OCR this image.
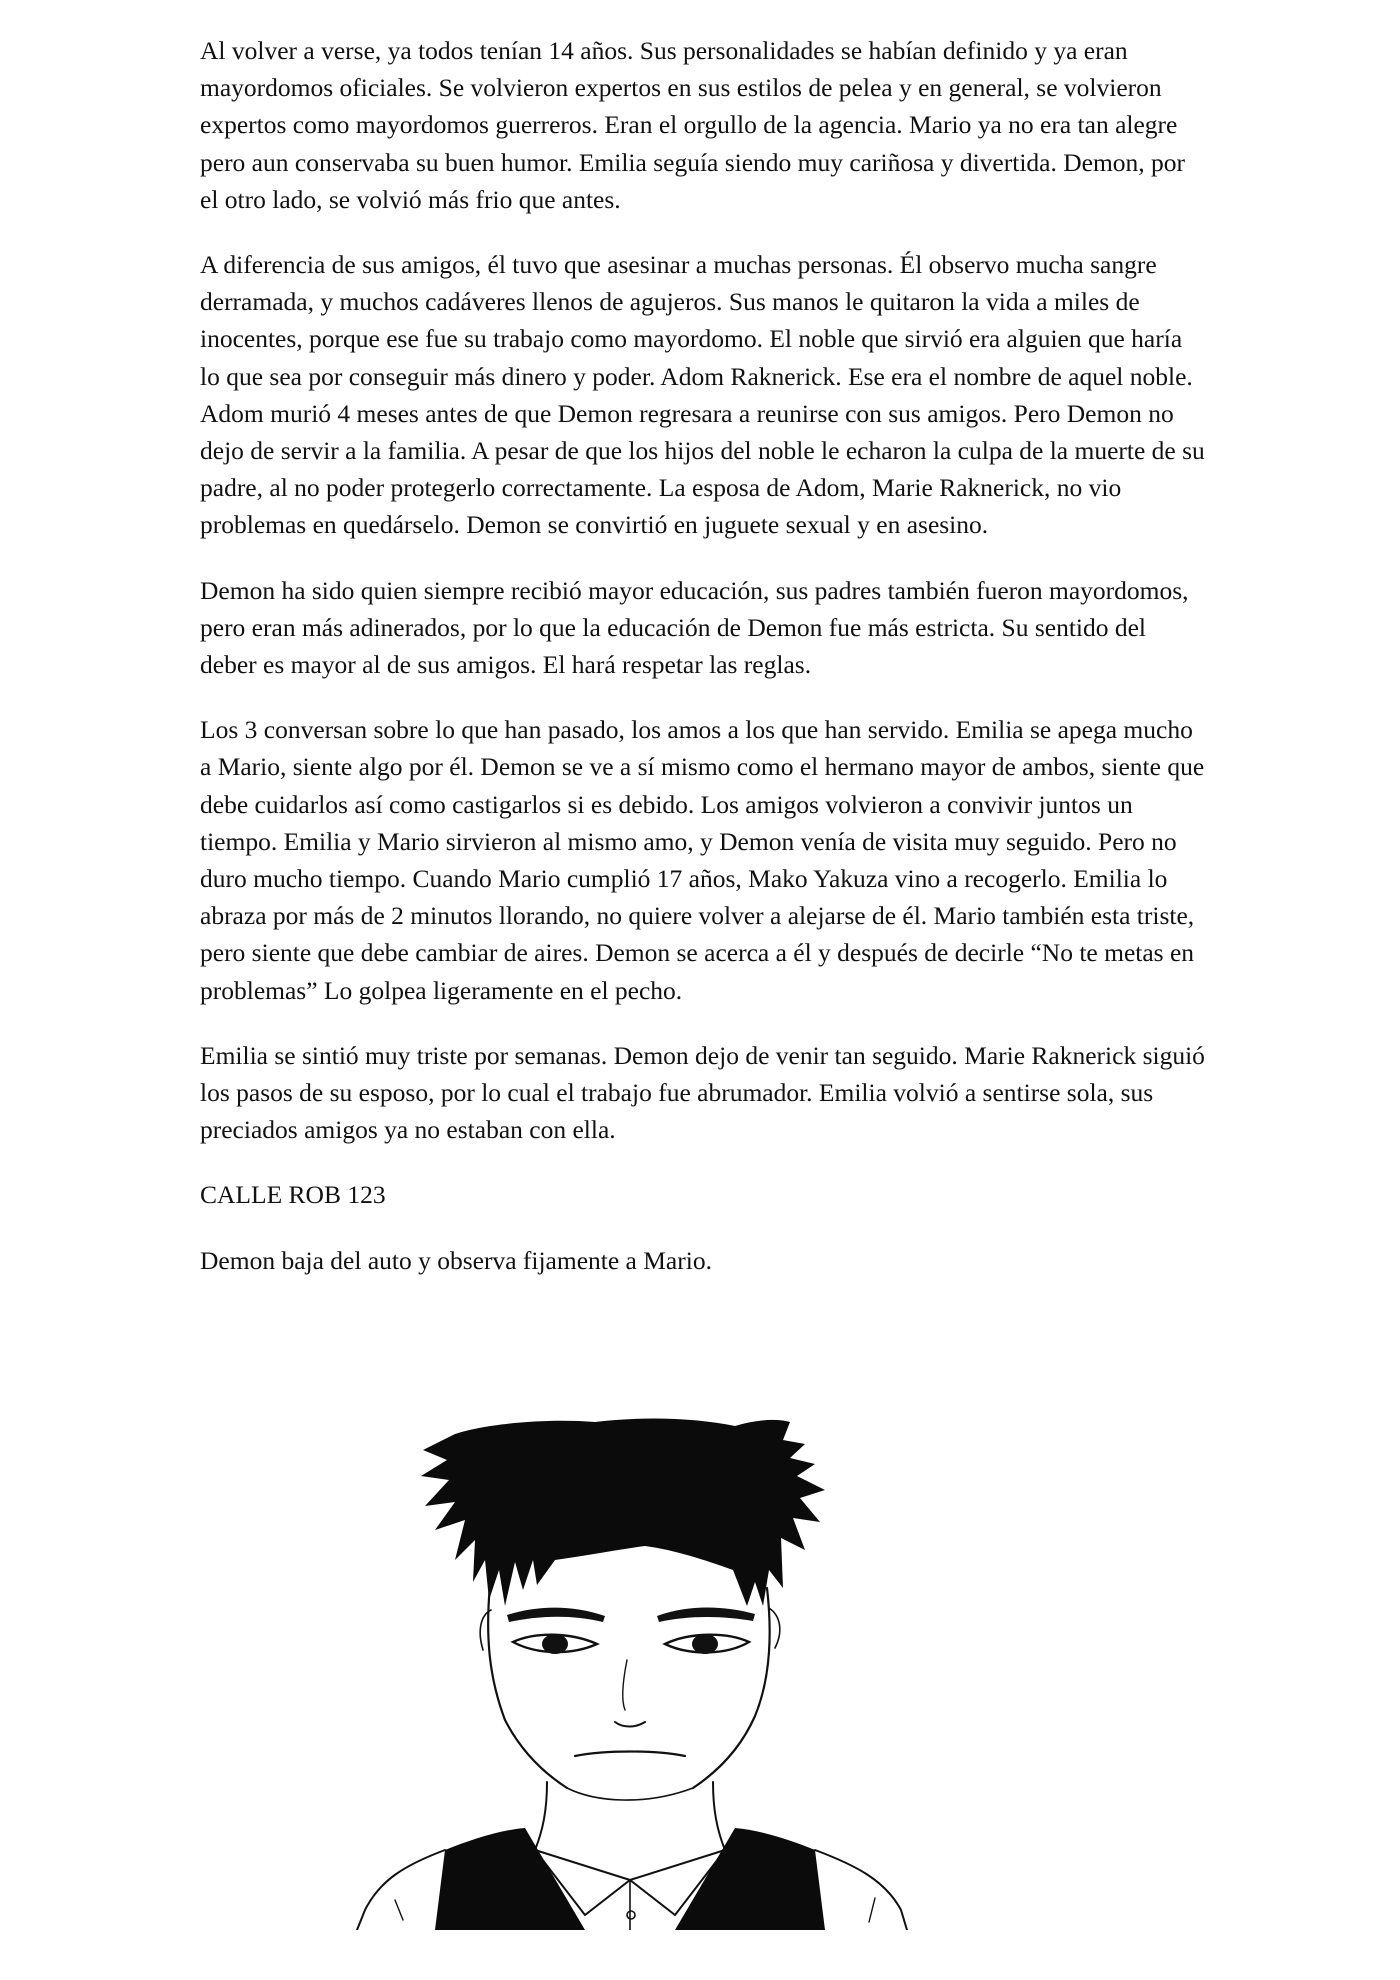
Al volver a verse, ya todos tenían 14 años. Sus personalidades se habían definido y ya eran mayordomos oficiales. Se volvieron expertos en sus estilos de pelea y en general, se volvieron expertos como mayordomos guerreros. Eran el orgullo de la agencia. Mario ya no era tan alegre pero aun conservaba su buen humor. Emilia seguía siendo muy cariñosa y divertida. Demon, por el otro lado, se volvió más frio que antes.

A diferencia de sus amigos, él tuvo que asesinar a muchas personas. Él observo mucha sangre derramada, y muchos cadáveres llenos de agujeros. Sus manos le quitaron la vida a miles de inocentes, porque ese fue su trabajo como mayordomo. El noble que sirvió era alguien que haría lo que sea por conseguir más dinero y poder. Adom Raknerick. Ese era el nombre de aquel noble. Adom murió 4 meses antes de que Demon regresara a reunirse con sus amigos. Pero Demon no dejo de servir a la familia. A pesar de que los hijos del noble le echaron la culpa de la muerte de su padre, al no poder protegerlo correctamente. La esposa de Adom, Marie Raknerick, no vio problemas en quedárselo. Demon se convirtió en juguete sexual y en asesino.

Demon ha sido quien siempre recibió mayor educación, sus padres también fueron mayordomos, pero eran más adinerados, por lo que la educación de Demon fue más estricta. Su sentido del deber es mayor al de sus amigos. El hará respetar las reglas.

Los 3 conversan sobre lo que han pasado, los amos a los que han servido. Emilia se apega mucho a Mario, siente algo por él. Demon se ve a sí mismo como el hermano mayor de ambos, siente que debe cuidarlos así como castigarlos si es debido. Los amigos volvieron a convivir juntos un tiempo. Emilia y Mario sirvieron al mismo amo, y Demon venía de visita muy seguido. Pero no duro mucho tiempo. Cuando Mario cumplió 17 años, Mako Yakuza vino a recogerlo. Emilia lo abraza por más de 2 minutos llorando, no quiere volver a alejarse de él. Mario también esta triste, pero siente que debe cambiar de aires. Demon se acerca a él y después de decirle “No te metas en problemas” Lo golpea ligeramente en el pecho.

Emilia se sintió muy triste por semanas. Demon dejo de venir tan seguido. Marie Raknerick siguió los pasos de su esposo, por lo cual el trabajo fue abrumador. Emilia volvió a sentirse sola, sus preciados amigos ya no estaban con ella.

CALLE ROB 123

Demon baja del auto y observa fijamente a Mario.
